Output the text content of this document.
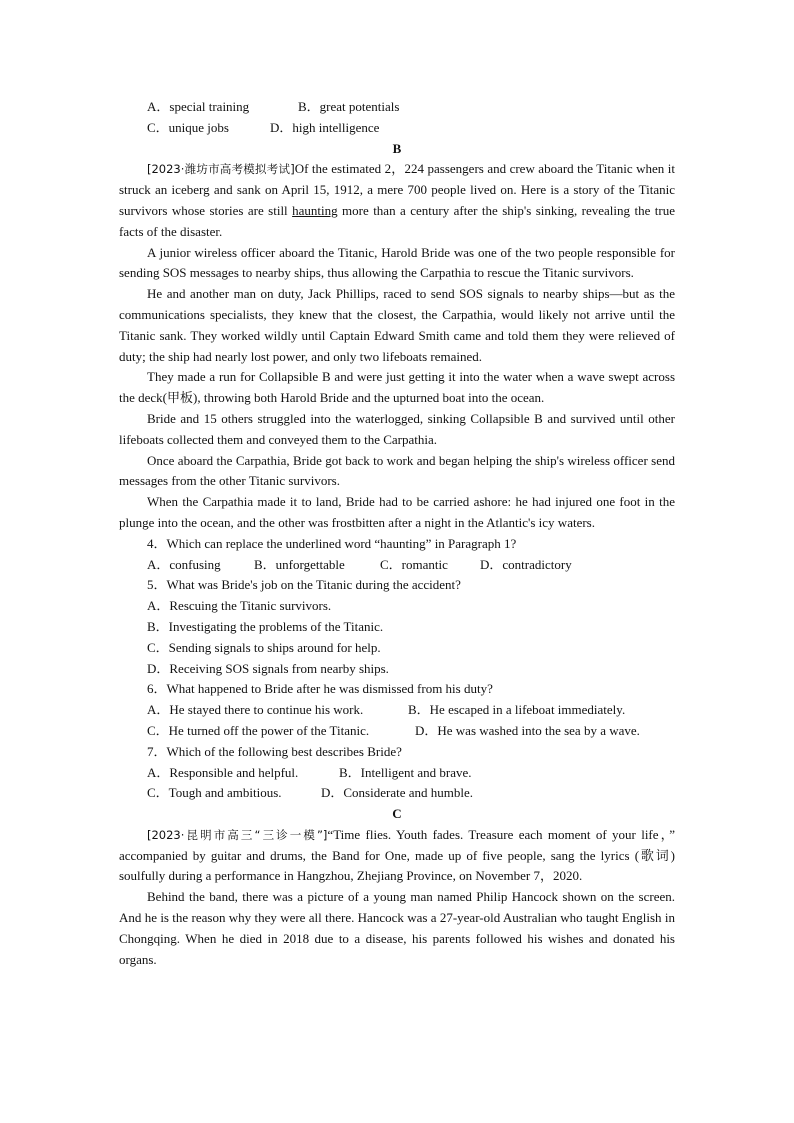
A．special training	B．great potentials
C．unique jobs	D．high intelligence
B

[2023·潍坊市高考模拟考试]Of the estimated 2，224 passengers and crew aboard the Titanic when it struck an iceberg and sank on April 15, 1912, a mere 700 people lived on. Here is a story of the Titanic survivors whose stories are still haunting more than a century after the ship's sinking, revealing the true facts of the disaster.

A junior wireless officer aboard the Titanic, Harold Bride was one of the two people responsible for sending SOS messages to nearby ships, thus allowing the Carpathia to rescue the Titanic survivors.

He and another man on duty, Jack Phillips, raced to send SOS signals to nearby ships—but as the communications specialists, they knew that the closest, the Carpathia, would likely not arrive until the Titanic sank. They worked wildly until Captain Edward Smith came and told them they were relieved of duty; the ship had nearly lost power, and only two lifeboats remained.

They made a run for Collapsible B and were just getting it into the water when a wave swept across the deck(甲板), throwing both Harold Bride and the upturned boat into the ocean.

Bride and 15 others struggled into the waterlogged, sinking Collapsible B and survived until other lifeboats collected them and conveyed them to the Carpathia.

Once aboard the Carpathia, Bride got back to work and began helping the ship's wireless officer send messages from the other Titanic survivors.

When the Carpathia made it to land, Bride had to be carried ashore: he had injured one foot in the plunge into the ocean, and the other was frostbitten after a night in the Atlantic's icy waters.

4．Which can replace the underlined word “haunting” in Paragraph 1?
A．confusing	B．unforgettable	C．romantic D．contradictory
5．What was Bride's job on the Titanic during the accident?
A．Rescuing the Titanic survivors.
B．Investigating the problems of the Titanic.
C．Sending signals to ships around for help.
D．Receiving SOS signals from nearby ships.
6．What happened to Bride after he was dismissed from his duty?
A．He stayed there to continue his work.	B．He escaped in a lifeboat immediately.
C．He turned off the power of the Titanic.	D．He was washed into the sea by a wave.
7．Which of the following best describes Bride?
A．Responsible and helpful.	B．Intelligent and brave.
C．Tough and ambitious.	D．Considerate and humble.
C

[2023·昆明市高三“三诊一模”]“Time flies. Youth fades. Treasure each moment of your life，” accompanied by guitar and drums, the Band for One, made up of five people, sang the lyrics (歌词) soulfully during a performance in Hangzhou, Zhejiang Province, on November 7，2020.

Behind the band, there was a picture of a young man named Philip Hancock shown on the screen. And he is the reason why they were all there. Hancock was a 27-year-old Australian who taught English in Chongqing. When he died in 2018 due to a disease, his parents followed his wishes and donated his organs.
